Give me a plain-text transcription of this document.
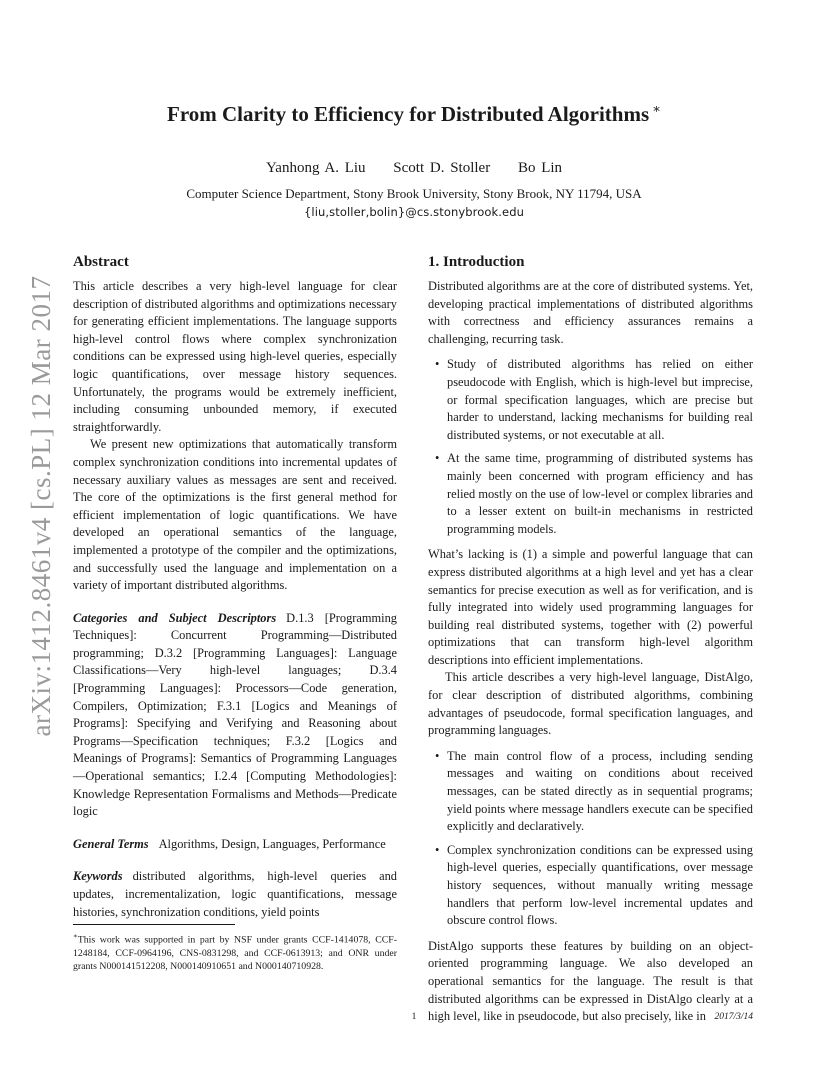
From Clarity to Efficiency for Distributed Algorithms ∗
Yanhong A. Liu Scott D. Stoller Bo Lin
Computer Science Department, Stony Brook University, Stony Brook, NY 11794, USA
{liu,stoller,bolin}@cs.stonybrook.edu
arXiv:1412.8461v4 [cs.PL] 12 Mar 2017
Abstract

This article describes a very high-level language for clear description of distributed algorithms and optimizations necessary for generating efficient implementations. The language supports high-level control flows where complex synchronization conditions can be expressed using high-level queries, especially logic quantifications, over message history sequences. Unfortunately, the programs would be extremely inefficient, including consuming unbounded memory, if executed straightforwardly.

We present new optimizations that automatically transform complex synchronization conditions into incremental updates of necessary auxiliary values as messages are sent and received. The core of the optimizations is the first general method for efficient implementation of logic quantifications. We have developed an operational semantics of the language, implemented a prototype of the compiler and the optimizations, and successfully used the language and implementation on a variety of important distributed algorithms.

Categories and Subject Descriptors D.1.3 [Programming Techniques]: Concurrent Programming—Distributed programming; D.3.2 [Programming Languages]: Language Classifications—Very high-level languages; D.3.4 [Programming Languages]: Processors—Code generation, Compilers, Optimization; F.3.1 [Logics and Meanings of Programs]: Specifying and Verifying and Reasoning about Programs—Specification techniques; F.3.2 [Logics and Meanings of Programs]: Semantics of Programming Languages—Operational semantics; I.2.4 [Computing Methodologies]: Knowledge Representation Formalisms and Methods—Predicate logic

General Terms Algorithms, Design, Languages, Performance

Keywords distributed algorithms, high-level queries and updates, incrementalization, logic quantifications, message histories, synchronization conditions, yield points

∗This work was supported in part by NSF under grants CCF-1414078, CCF-1248184, CCF-0964196, CNS-0831298, and CCF-0613913; and ONR under grants N000141512208, N000140910651 and N000140710928.
1. Introduction

Distributed algorithms are at the core of distributed systems. Yet, developing practical implementations of distributed algorithms with correctness and efficiency assurances remains a challenging, recurring task.

• Study of distributed algorithms has relied on either pseudocode with English, which is high-level but imprecise, or formal specification languages, which are precise but harder to understand, lacking mechanisms for building real distributed systems, or not executable at all.
• At the same time, programming of distributed systems has mainly been concerned with program efficiency and has relied mostly on the use of low-level or complex libraries and to a lesser extent on built-in mechanisms in restricted programming models.

What’s lacking is (1) a simple and powerful language that can express distributed algorithms at a high level and yet has a clear semantics for precise execution as well as for verification, and is fully integrated into widely used programming languages for building real distributed systems, together with (2) powerful optimizations that can transform high-level algorithm descriptions into efficient implementations.

This article describes a very high-level language, DistAlgo, for clear description of distributed algorithms, combining advantages of pseudocode, formal specification languages, and programming languages.

• The main control flow of a process, including sending messages and waiting on conditions about received messages, can be stated directly as in sequential programs; yield points where message handlers execute can be specified explicitly and declaratively.
• Complex synchronization conditions can be expressed using high-level queries, especially quantifications, over message history sequences, without manually writing message handlers that perform low-level incremental updates and obscure control flows.

DistAlgo supports these features by building on an object-oriented programming language. We also developed an operational semantics for the language. The result is that distributed algorithms can be expressed in DistAlgo clearly at a high level, like in pseudocode, but also precisely, like in

1	2017/3/14
